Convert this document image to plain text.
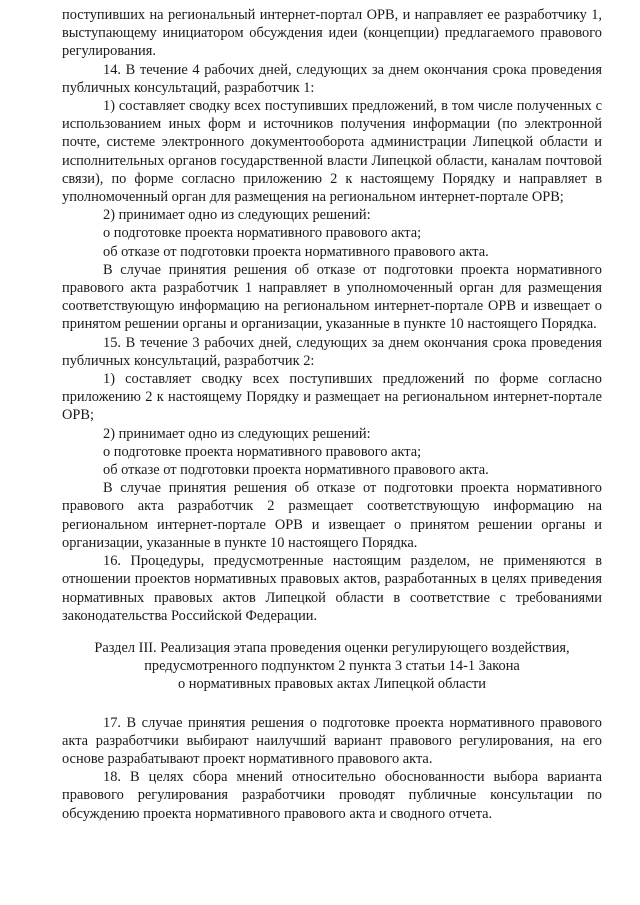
поступивших на региональный интернет-портал ОРВ, и направляет ее разработчику 1, выступающему инициатором обсуждения идеи (концепции) предлагаемого правового регулирования.

14. В течение 4 рабочих дней, следующих за днем окончания срока проведения публичных консультаций, разработчик 1:

1) составляет сводку всех поступивших предложений, в том числе полученных с использованием иных форм и источников получения информации (по электронной почте, системе электронного документооборота администрации Липецкой области и исполнительных органов государственной власти Липецкой области, каналам почтовой связи), по форме согласно приложению 2 к настоящему Порядку и направляет в уполномоченный орган для размещения на региональном интернет-портале ОРВ;

2) принимает одно из следующих решений:

о подготовке проекта нормативного правового акта;

об отказе от подготовки проекта нормативного правового акта.

В случае принятия решения об отказе от подготовки проекта нормативного правового акта разработчик 1 направляет в уполномоченный орган для размещения соответствующую информацию на региональном интернет-портале ОРВ и извещает о принятом решении органы и организации, указанные в пункте 10 настоящего Порядка.

15. В течение 3 рабочих дней, следующих за днем окончания срока проведения публичных консультаций, разработчик 2:

1) составляет сводку всех поступивших предложений по форме согласно приложению 2 к настоящему Порядку и размещает на региональном интернет-портале ОРВ;

2) принимает одно из следующих решений:

о подготовке проекта нормативного правового акта;

об отказе от подготовки проекта нормативного правового акта.

В случае принятия решения об отказе от подготовки проекта нормативного правового акта разработчик 2 размещает соответствующую информацию на региональном интернет-портале ОРВ и извещает о принятом решении органы и организации, указанные в пункте 10 настоящего Порядка.

16. Процедуры, предусмотренные настоящим разделом, не применяются в отношении проектов нормативных правовых актов, разработанных в целях приведения нормативных правовых актов Липецкой области в соответствие с требованиями законодательства Российской Федерации.

Раздел III. Реализация этапа проведения оценки регулирующего воздействия,
предусмотренного подпунктом 2 пункта 3 статьи 14-1 Закона
о нормативных правовых актах Липецкой области

17. В случае принятия решения о подготовке проекта нормативного правового акта разработчики выбирают наилучший вариант правового регулирования, на его основе разрабатывают проект нормативного правового акта.

18. В целях сбора мнений относительно обоснованности выбора варианта правового регулирования разработчики проводят публичные консультации по обсуждению проекта нормативного правового акта и сводного отчета.
